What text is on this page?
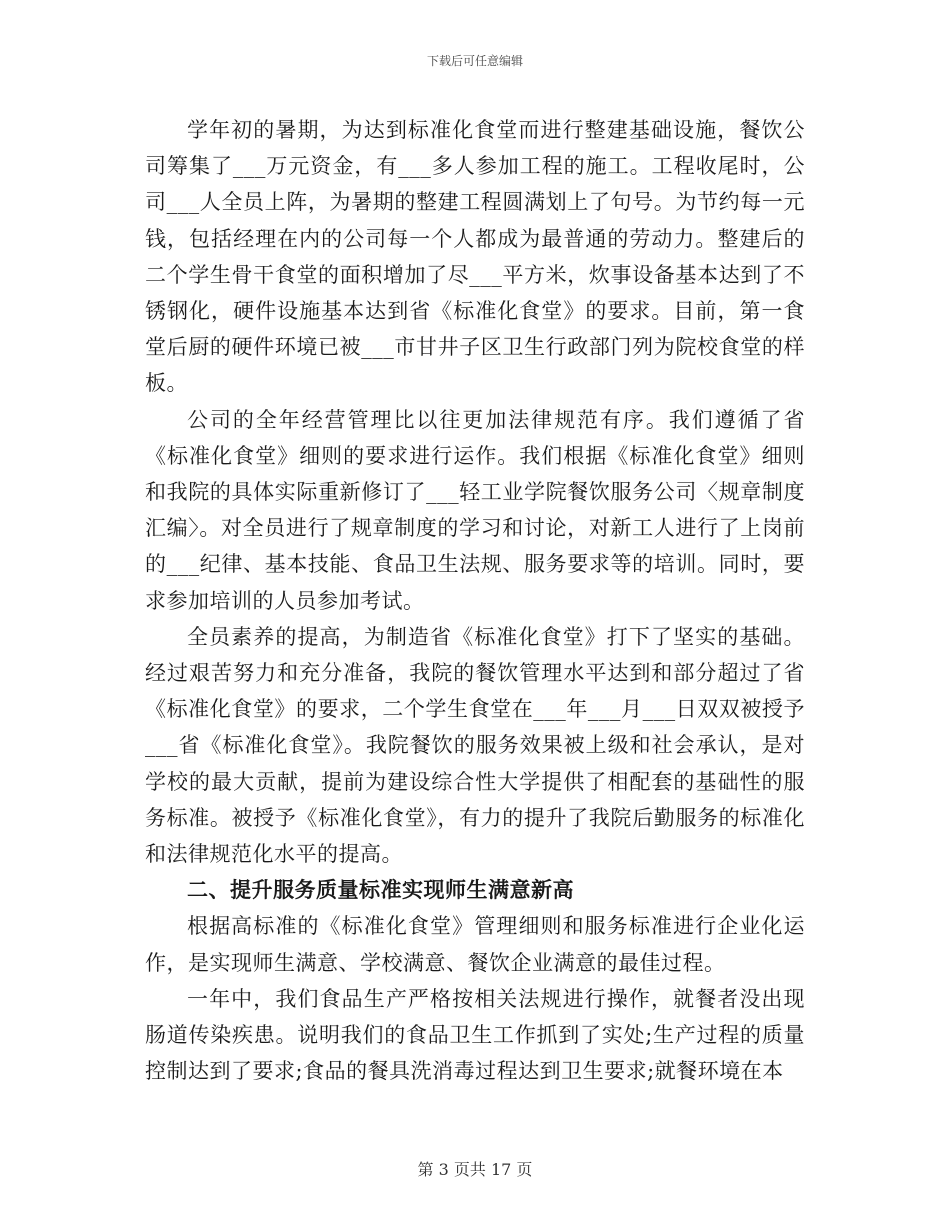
下载后可任意编辑

学年初的暑期，为达到标准化食堂而进行整建基础设施，餐饮公司筹集了___万元资金，有___多人参加工程的施工。工程收尾时，公司___人全员上阵，为暑期的整建工程圆满划上了句号。为节约每一元钱，包括经理在内的公司每一个人都成为最普通的劳动力。整建后的二个学生骨干食堂的面积增加了尽___平方米，炊事设备基本达到了不锈钢化，硬件设施基本达到省《标准化食堂》的要求。目前，第一食堂后厨的硬件环境已被___市甘井子区卫生行政部门列为院校食堂的样板。

公司的全年经营管理比以往更加法律规范有序。我们遵循了省《标准化食堂》细则的要求进行运作。我们根据《标准化食堂》细则和我院的具体实际重新修订了___轻工业学院餐饮服务公司〈规章制度汇编〉。对全员进行了规章制度的学习和讨论，对新工人进行了上岗前的___纪律、基本技能、食品卫生法规、服务要求等的培训。同时，要求参加培训的人员参加考试。

全员素养的提高，为制造省《标准化食堂》打下了坚实的基础。经过艰苦努力和充分准备，我院的餐饮管理水平达到和部分超过了省《标准化食堂》的要求，二个学生食堂在___年___月___日双双被授予___省《标准化食堂》。我院餐饮的服务效果被上级和社会承认，是对学校的最大贡献，提前为建设综合性大学提供了相配套的基础性的服务标准。被授予《标准化食堂》，有力的提升了我院后勤服务的标准化和法律规范化水平的提高。

二、提升服务质量标准实现师生满意新高

根据高标准的《标准化食堂》管理细则和服务标准进行企业化运作，是实现师生满意、学校满意、餐饮企业满意的最佳过程。

一年中，我们食品生产严格按相关法规进行操作，就餐者没出现肠道传染疾患。说明我们的食品卫生工作抓到了实处;生产过程的质量控制达到了要求;食品的餐具洗消毒过程达到卫生要求;就餐环境在本

第 3 页共 17 页
